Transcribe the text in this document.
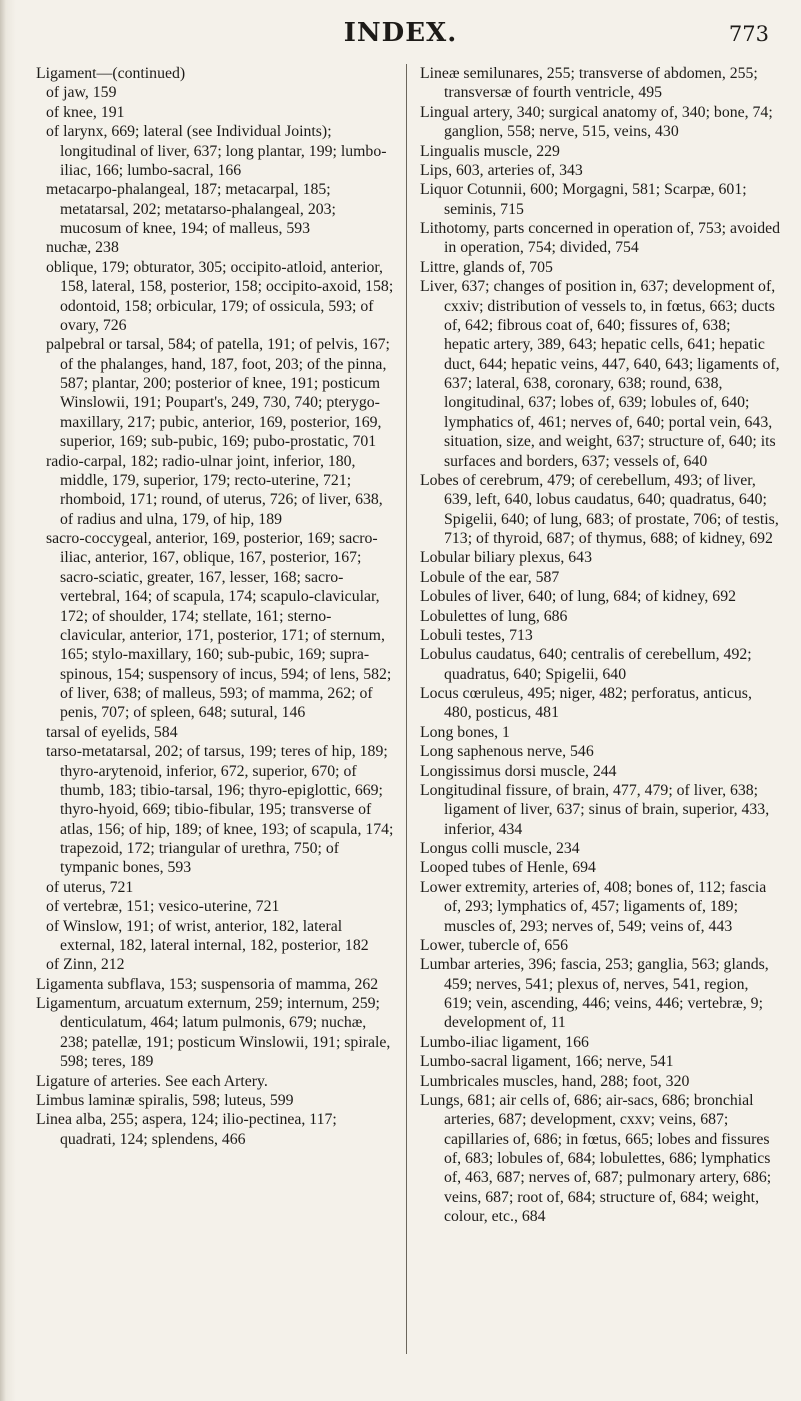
INDEX.	773
Ligament—(continued)
of jaw, 159
of knee, 191
of larynx, 669; lateral (see Individual Joints); longitudinal of liver, 637; long plantar, 199; lumbo-iliac, 166; lumbo-sacral, 166
metacarpo-phalangeal, 187; metacarpal, 185; metatarsal, 202; metatarso-phalangeal, 203; mucosum of knee, 194; of malleus, 593
nuchæ, 238
oblique, 179; obturator, 305; occipito-atloid, anterior, 158, lateral, 158, posterior, 158; occipito-axoid, 158; odontoid, 158; orbicular, 179; of ossicula, 593; of ovary, 726
palpebral or tarsal, 584; of patella, 191; of pelvis, 167; of the phalanges, hand, 187, foot, 203; of the pinna, 587; plantar, 200; posterior of knee, 191; posticum Winslowii, 191; Poupart's, 249, 730, 740; pterygo-maxillary, 217; pubic, anterior, 169, posterior, 169, superior, 169; sub-pubic, 169; pubo-prostatic, 701
radio-carpal, 182; radio-ulnar joint, inferior, 180, middle, 179, superior, 179; recto-uterine, 721; rhomboid, 171; round, of uterus, 726; of liver, 638, of radius and ulna, 179, of hip, 189
sacro-coccygeal, anterior, 169, posterior, 169; sacro-iliac, anterior, 167, oblique, 167, posterior, 167; sacro-sciatic, greater, 167, lesser, 168; sacro-vertebral, 164; of scapula, 174; scapulo-clavicular, 172; of shoulder, 174; stellate, 161; sterno-clavicular, anterior, 171, posterior, 171; of sternum, 165; stylo-maxillary, 160; sub-pubic, 169; supra-spinous, 154; suspensory of incus, 594; of lens, 582; of liver, 638; of malleus, 593; of mamma, 262; of penis, 707; of spleen, 648; sutural, 146
tarsal of eyelids, 584
tarso-metatarsal, 202; of tarsus, 199; teres of hip, 189; thyro-arytenoid, inferior, 672, superior, 670; of thumb, 183; tibio-tarsal, 196; thyro-epiglottic, 669; thyro-hyoid, 669; tibio-fibular, 195; transverse of atlas, 156; of hip, 189; of knee, 193; of scapula, 174; trapezoid, 172; triangular of urethra, 750; of tympanic bones, 593
of uterus, 721
of vertebræ, 151; vesico-uterine, 721
of Winslow, 191; of wrist, anterior, 182, lateral external, 182, lateral internal, 182, posterior, 182
of Zinn, 212
Ligamenta subflava, 153; suspensoria of mamma, 262
Ligamentum, arcuatum externum, 259; internum, 259; denticulatum, 464; latum pulmonis, 679; nuchæ, 238; patellæ, 191; posticum Winslowii, 191; spirale, 598; teres, 189
Ligature of arteries. See each Artery.
Limbus laminæ spiralis, 598; luteus, 599
Linea alba, 255; aspera, 124; ilio-pectinea, 117; quadrati, 124; splendens, 466
Lineæ semilunares, 255; transverse of abdomen, 255; transversæ of fourth ventricle, 495
Lingual artery, 340; surgical anatomy of, 340; bone, 74; ganglion, 558; nerve, 515, veins, 430
Lingualis muscle, 229
Lips, 603, arteries of, 343
Liquor Cotunnii, 600; Morgagni, 581; Scarpæ, 601; seminis, 715
Lithotomy, parts concerned in operation of, 753; avoided in operation, 754; divided, 754
Littre, glands of, 705
Liver, 637; changes of position in, 637; development of, cxxiv; distribution of vessels to, in fœtus, 663; ducts of, 642; fibrous coat of, 640; fissures of, 638; hepatic artery, 389, 643; hepatic cells, 641; hepatic duct, 644; hepatic veins, 447, 640, 643; ligaments of, 637; lateral, 638, coronary, 638; round, 638, longitudinal, 637; lobes of, 639; lobules of, 640; lymphatics of, 461; nerves of, 640; portal vein, 643, situation, size, and weight, 637; structure of, 640; its surfaces and borders, 637; vessels of, 640
Lobes of cerebrum, 479; of cerebellum, 493; of liver, 639, left, 640, lobus caudatus, 640; quadratus, 640; Spigelii, 640; of lung, 683; of prostate, 706; of testis, 713; of thyroid, 687; of thymus, 688; of kidney, 692
Lobular biliary plexus, 643
Lobule of the ear, 587
Lobules of liver, 640; of lung, 684; of kidney, 692
Lobulettes of lung, 686
Lobuli testes, 713
Lobulus caudatus, 640; centralis of cerebellum, 492; quadratus, 640; Spigelii, 640
Locus cœruleus, 495; niger, 482; perforatus, anticus, 480, posticus, 481
Long bones, 1
Long saphenous nerve, 546
Longissimus dorsi muscle, 244
Longitudinal fissure, of brain, 477, 479; of liver, 638; ligament of liver, 637; sinus of brain, superior, 433, inferior, 434
Longus colli muscle, 234
Looped tubes of Henle, 694
Lower extremity, arteries of, 408; bones of, 112; fascia of, 293; lymphatics of, 457; ligaments of, 189; muscles of, 293; nerves of, 549; veins of, 443
Lower, tubercle of, 656
Lumbar arteries, 396; fascia, 253; ganglia, 563; glands, 459; nerves, 541; plexus of, nerves, 541, region, 619; vein, ascending, 446; veins, 446; vertebræ, 9; development of, 11
Lumbo-iliac ligament, 166
Lumbo-sacral ligament, 166; nerve, 541
Lumbricales muscles, hand, 288; foot, 320
Lungs, 681; air cells of, 686; air-sacs, 686; bronchial arteries, 687; development, cxxv; veins, 687; capillaries of, 686; in fœtus, 665; lobes and fissures of, 683; lobules of, 684; lobulettes, 686; lymphatics of, 463, 687; nerves of, 687; pulmonary artery, 686; veins, 687; root of, 684; structure of, 684; weight, colour, etc., 684
